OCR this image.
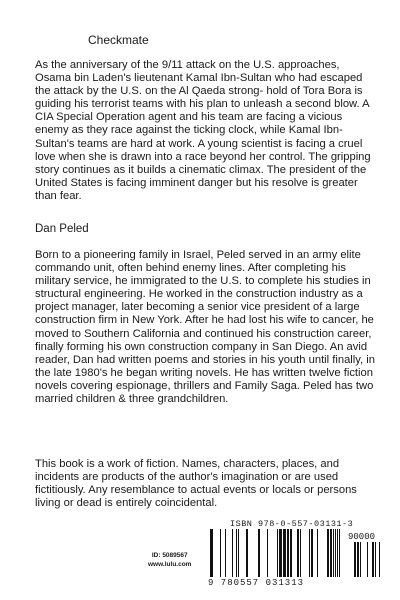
Checkmate

As the anniversary of the 9/11 attack on the U.S. approaches, Osama bin Laden's lieutenant Kamal Ibn-Sultan who had escaped the attack by the U.S. on the Al Qaeda strong- hold of Tora Bora is guiding his terrorist teams with his plan to unleash a second blow. A CIA Special Operation agent and his team are facing a vicious enemy as they race against the ticking clock, while Kamal Ibn-Sultan's teams are hard at work. A young scientist is facing a cruel love when she is drawn into a race beyond her control. The gripping story continues as it builds a cinematic climax. The president of the United States is facing imminent danger but his resolve is greater than fear.

Dan Peled

Born to a pioneering family in Israel, Peled served in an army elite commando unit, often behind enemy lines. After completing his military service, he immigrated to the U.S. to complete his studies in structural engineering. He worked in the construction industry as a project manager, later becoming a senior vice president of a large construction firm in New York. After he had lost his wife to cancer, he moved to Southern California and continued his construction career, finally forming his own construction company in San Diego. An avid reader, Dan had written poems and stories in his youth until finally, in the late 1980's he began writing novels. He has written twelve fiction novels covering espionage, thrillers and Family Saga. Peled has two married children & three grandchildren.

This book is a work of fiction. Names, characters, places, and incidents are products of the author's imagination or are used fictitiously. Any resemblance to actual events or locals or persons living or dead is entirely coincidental.

ID: 5089567
www.lulu.com
ISBN 978-0-557-03131-3
90000
9 780557 031313
